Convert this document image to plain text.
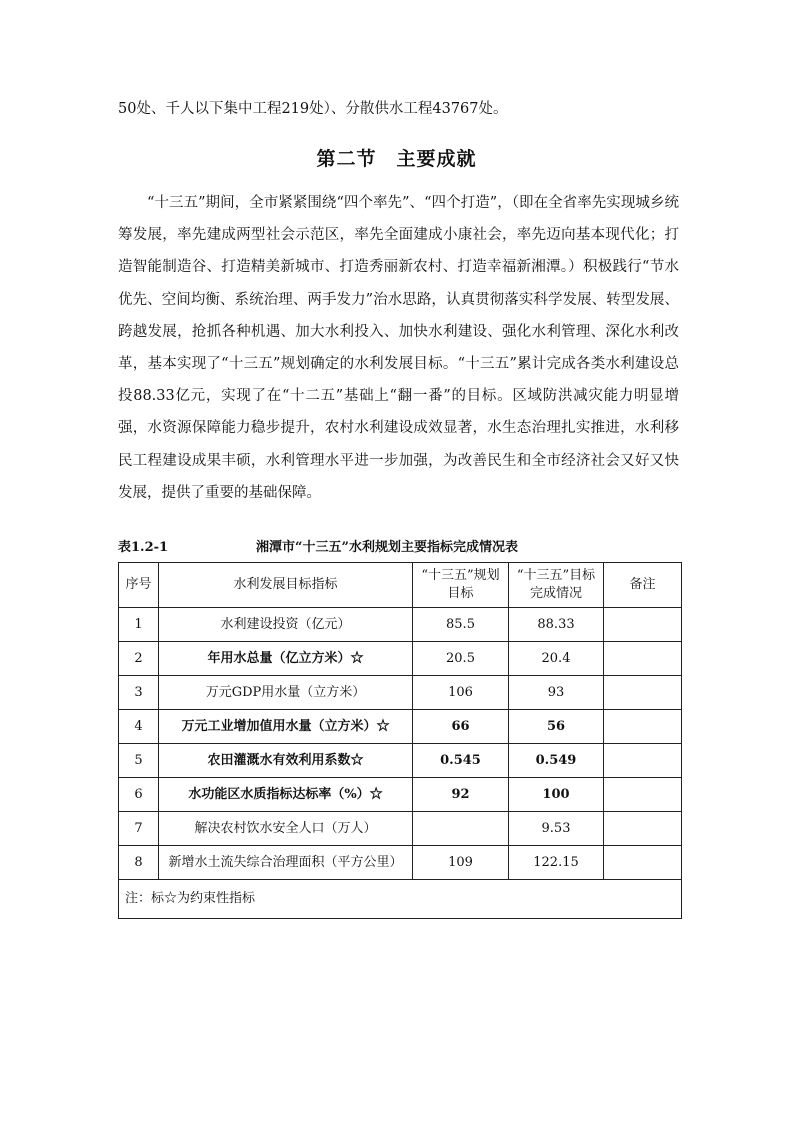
50处、千人以下集中工程219处）、分散供水工程43767处。
第二节　主要成就

“十三五”期间，全市紧紧围绕“四个率先”、“四个打造”，（即在全省率先实现城乡统筹发展，率先建成两型社会示范区，率先全面建成小康社会，率先迈向基本现代化；打造智能制造谷、打造精美新城市、打造秀丽新农村、打造幸福新湘潭。）积极践行“节水优先、空间均衡、系统治理、两手发力”治水思路，认真贯彻落实科学发展、转型发展、跨越发展，抢抓各种机遇、加大水利投入、加快水利建设、强化水利管理、深化水利改革，基本实现了“十三五”规划确定的水利发展目标。“十三五”累计完成各类水利建设总投88.33亿元，实现了在“十二五”基础上“翻一番”的目标。区域防洪减灾能力明显增强，水资源保障能力稳步提升，农村水利建设成效显著，水生态治理扎实推进，水利移民工程建设成果丰硕，水利管理水平进一步加强，为改善民生和全市经济社会又好又快发展，提供了重要的基础保障。

表1.2-1	湘潭市“十三五”水利规划主要指标完成情况表
序号	水利发展目标指标	“十三五”规划目标	“十三五”目标完成情况	备注
1	水利建设投资（亿元）	85.5	88.33	
2	年用水总量（亿立方米）☆	20.5	20.4	
3	万元GDP用水量（立方米）	106	93	
4	万元工业增加值用水量（立方米）☆	66	56	
5	农田灌溉水有效利用系数☆	0.545	0.549	
6	水功能区水质指标达标率（%）☆	92	100	
7	解决农村饮水安全人口（万人）		9.53	
8	新增水土流失综合治理面积（平方公里）	109	122.15	
注：标☆为约束性指标				
